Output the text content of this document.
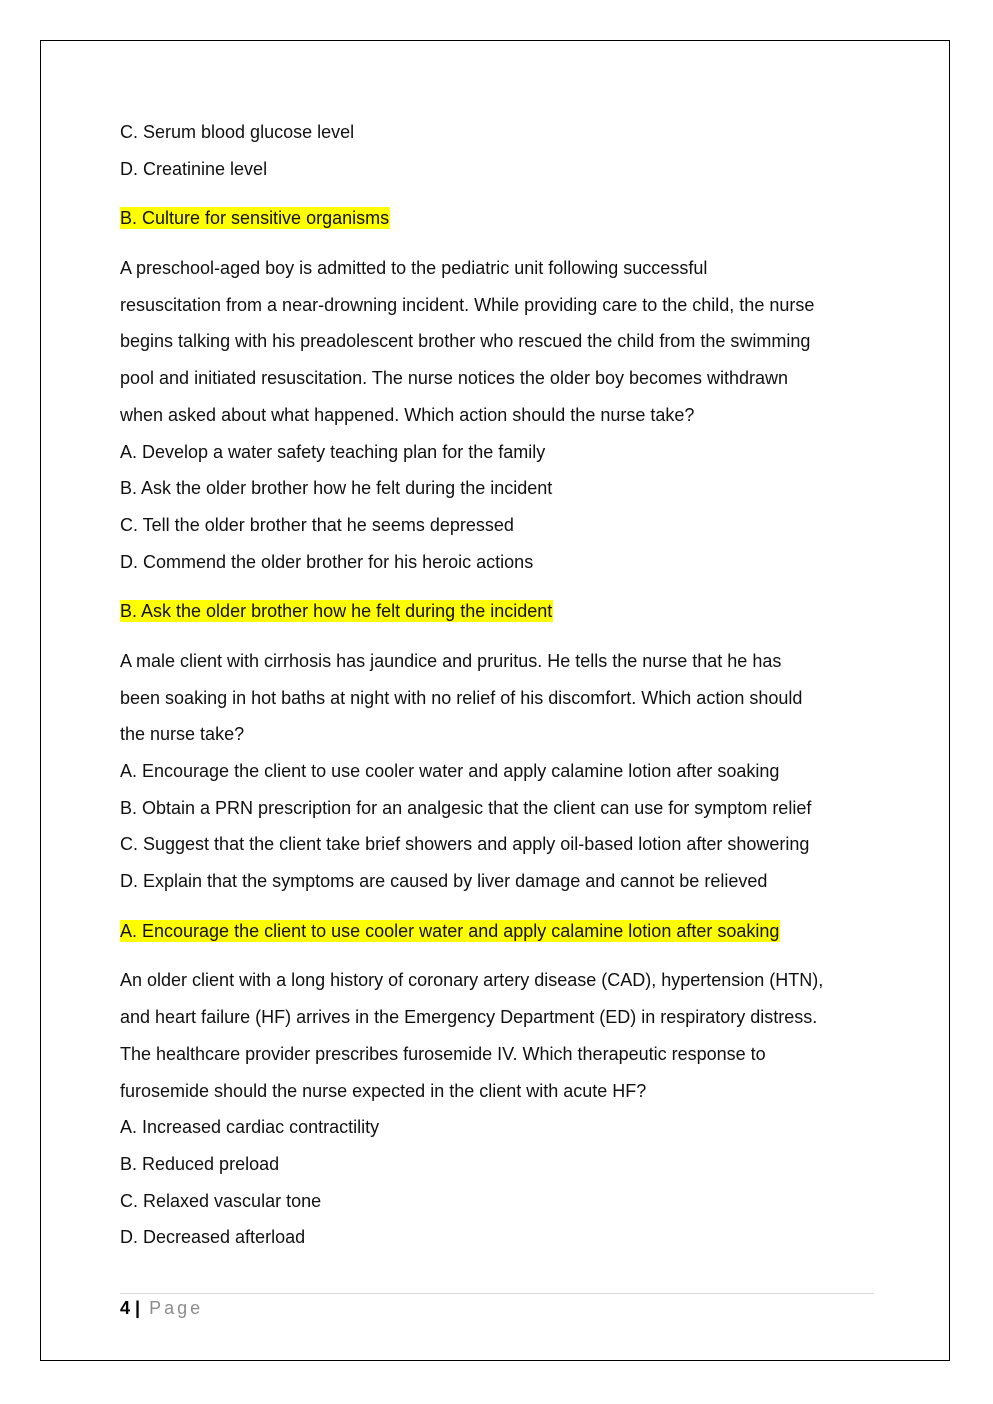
C. Serum blood glucose level
D. Creatinine level
B. Culture for sensitive organisms
A preschool-aged boy is admitted to the pediatric unit following successful
resuscitation from a near-drowning incident. While providing care to the child, the nurse
begins talking with his preadolescent brother who rescued the child from the swimming
pool and initiated resuscitation. The nurse notices the older boy becomes withdrawn
when asked about what happened. Which action should the nurse take?
A. Develop a water safety teaching plan for the family
B. Ask the older brother how he felt during the incident
C. Tell the older brother that he seems depressed
D. Commend the older brother for his heroic actions
B. Ask the older brother how he felt during the incident
A male client with cirrhosis has jaundice and pruritus. He tells the nurse that he has
been soaking in hot baths at night with no relief of his discomfort. Which action should
the nurse take?
A. Encourage the client to use cooler water and apply calamine lotion after soaking
B. Obtain a PRN prescription for an analgesic that the client can use for symptom relief
C. Suggest that the client take brief showers and apply oil-based lotion after showering
D. Explain that the symptoms are caused by liver damage and cannot be relieved
A. Encourage the client to use cooler water and apply calamine lotion after soaking
An older client with a long history of coronary artery disease (CAD), hypertension (HTN),
and heart failure (HF) arrives in the Emergency Department (ED) in respiratory distress.
The healthcare provider prescribes furosemide IV. Which therapeutic response to
furosemide should the nurse expected in the client with acute HF?
A. Increased cardiac contractility
B. Reduced preload
C. Relaxed vascular tone
D. Decreased afterload
4 | Page
